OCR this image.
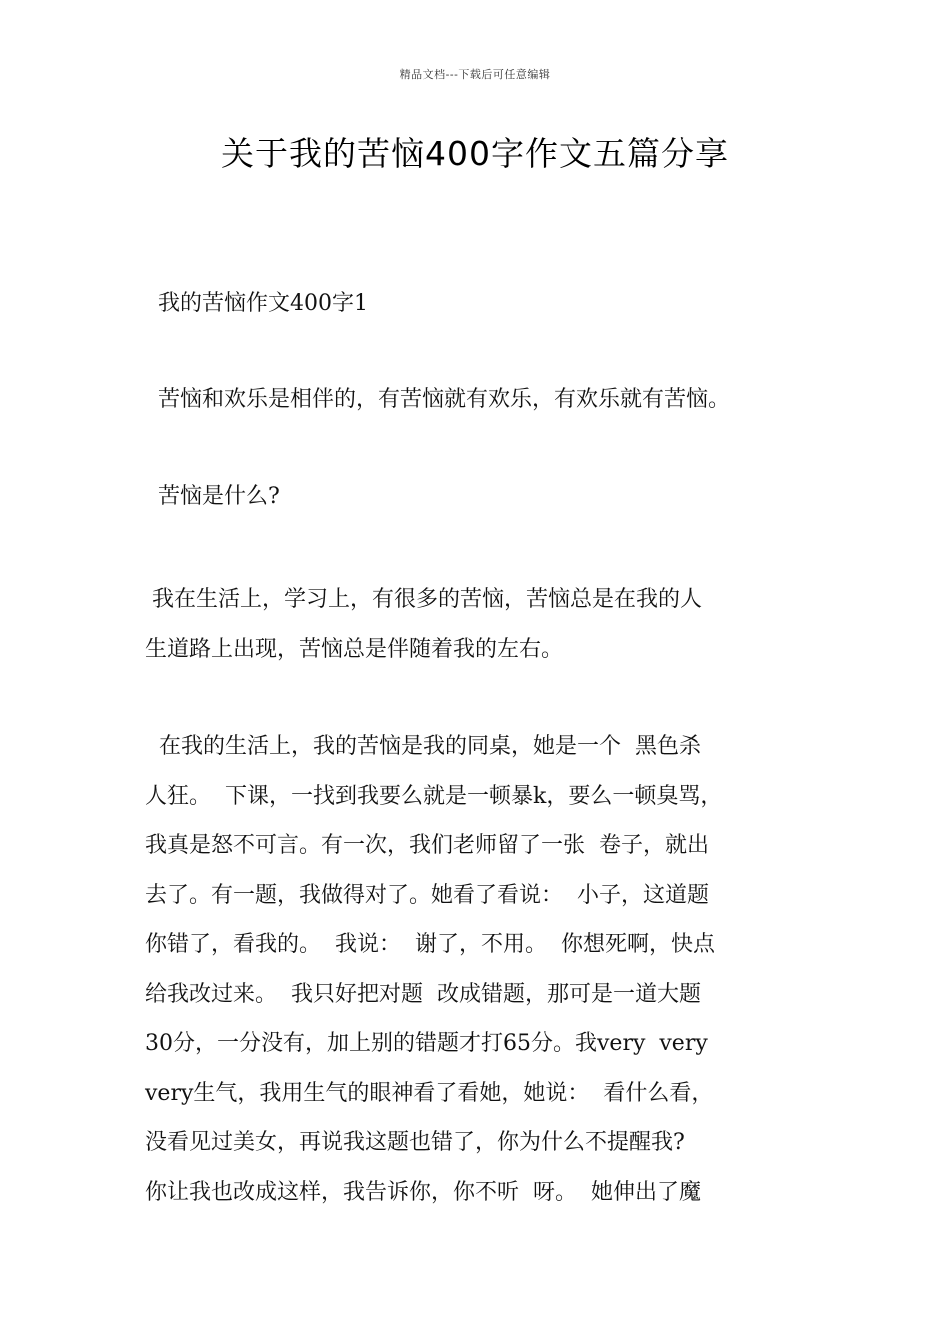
精品文档---下载后可任意编辑
关于我的苦恼400字作文五篇分享

我的苦恼作文400字1

苦恼和欢乐是相伴的，有苦恼就有欢乐，有欢乐就有苦恼。

苦恼是什么?

我在生活上，学习上，有很多的苦恼，苦恼总是在我的人
生道路上出现，苦恼总是伴随着我的左右。

在我的生活上，我的苦恼是我的同桌，她是一个  黑色杀
人狂。  下课，一找到我要么就是一顿暴k，要么一顿臭骂，
我真是怒不可言。有一次，我们老师留了一张  卷子，就出
去了。有一题，我做得对了。她看了看说：  小子，这道题
你错了，看我的。  我说：  谢了，不用。  你想死啊，快点
给我改过来。  我只好把对题  改成错题，那可是一道大题
30分，一分没有，加上别的错题才打65分。我very  very
very生气，我用生气的眼神看了看她，她说：  看什么看，
没看见过美女，再说我这题也错了，你为什么不提醒我?
你让我也改成这样，我告诉你，你不听  呀。  她伸出了魔
